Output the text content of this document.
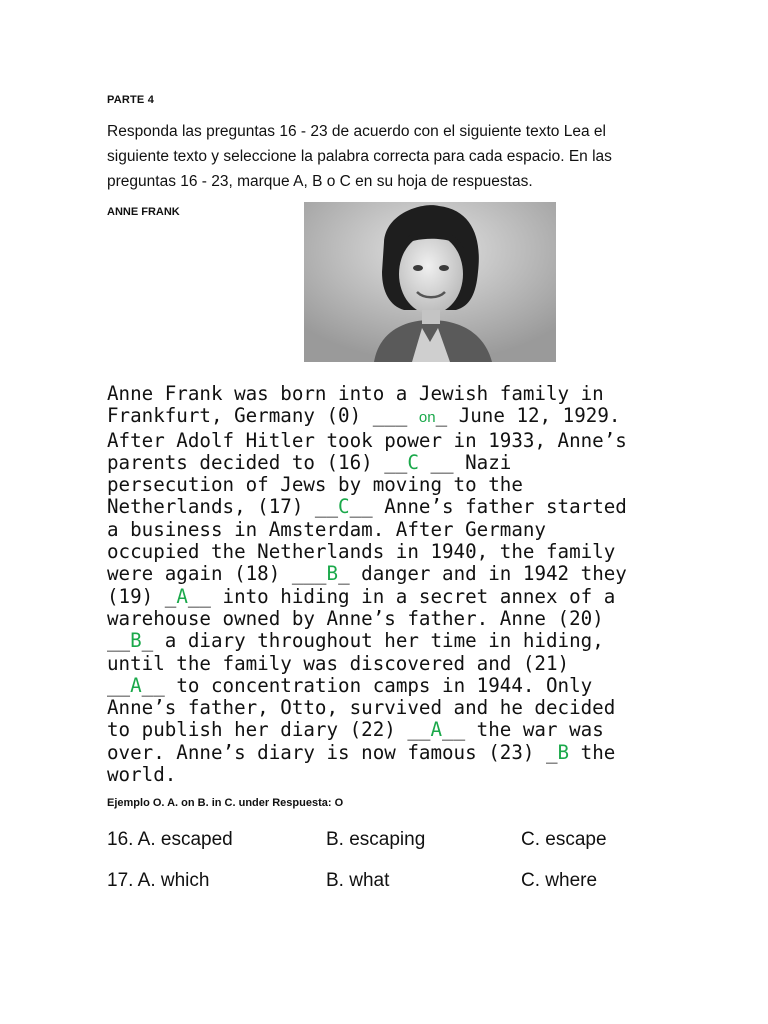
PARTE 4
Responda las preguntas 16 - 23 de acuerdo con el siguiente texto Lea el siguiente texto y seleccione la palabra correcta para cada espacio. En las preguntas 16 - 23, marque A, B o C en su hoja de respuestas.
ANNE FRANK
Anne Frank was born into a Jewish family in
Frankfurt, Germany (0) ___ on_ June 12, 1929.
After Adolf Hitler took power in 1933, Anne’s
parents decided to (16) __C __ Nazi
persecution of Jews by moving to the
Netherlands, (17) __C__ Anne’s father started
a business in Amsterdam. After Germany
occupied the Netherlands in 1940, the family
were again (18) ___B_ danger and in 1942 they
(19) _A__ into hiding in a secret annex of a
warehouse owned by Anne’s father. Anne (20)
__B_ a diary throughout her time in hiding,
until the family was discovered and (21)
__A__ to concentration camps in 1944. Only
Anne’s father, Otto, survived and he decided
to publish her diary (22) __A__ the war was
over. Anne’s diary is now famous (23) _B the
world.
Ejemplo O. A. on B. in C. under Respuesta: O
16. A. escaped	B. escaping	C. escape
17. A. which	B. what	C. where
